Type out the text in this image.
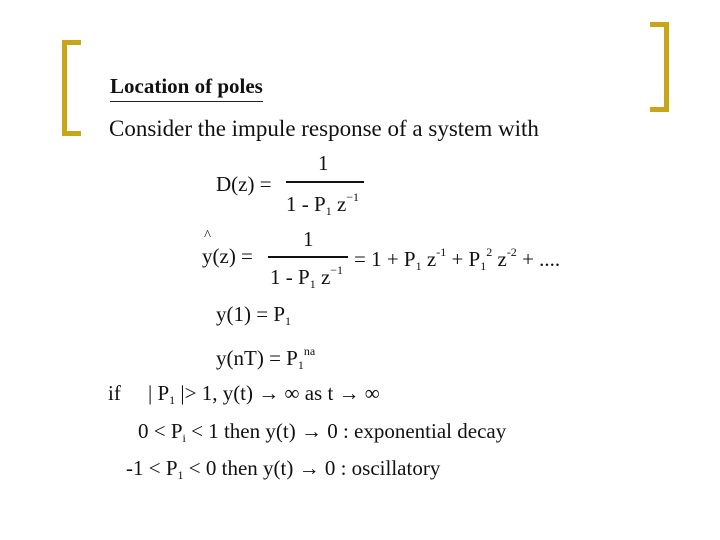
Location of poles
Consider the impule response of a system with
D(z) =
1
$1 - P_1$ $z^{-1}$
^
y(z) =
1
$1 - P_1$ $z^{-1} = 1 + P_1$ $z^{-1} + P_1^2$ $z^{-2}$ + ....
$y(1) = P_1$
$y(nT) = P_1^{na}$
if | $P_1$ |> 1, y(t) → ∞ as t → ∞
$0 < P_i < 1$ then y(t) → 0 : exponential decay
$-1 < P_1 < 0$ then y(t) → 0 : oscillatory
